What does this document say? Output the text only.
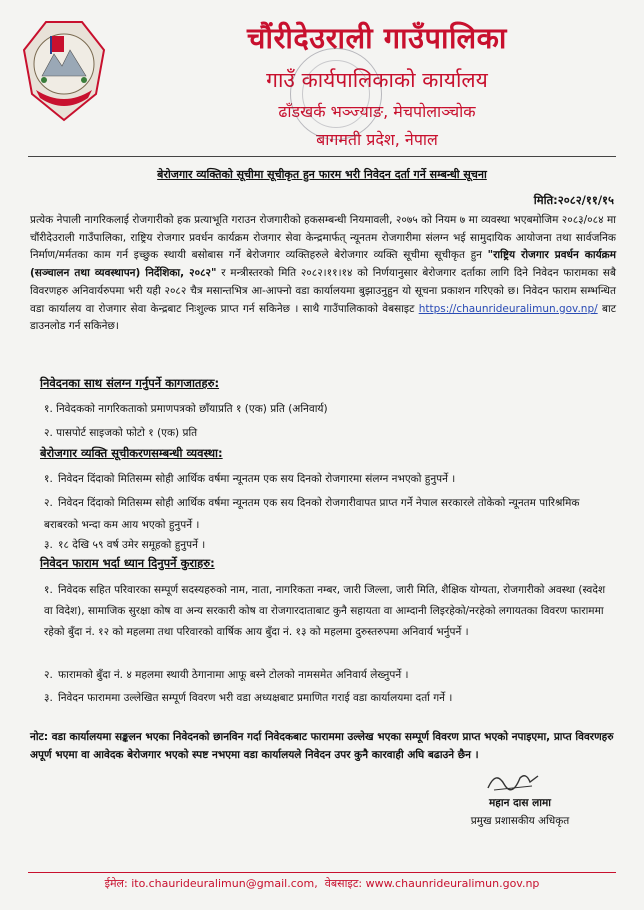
चौंरीदेउराली गाउँपालिका
गाउँ कार्यपालिकाको कार्यालय
ढाँडखर्क भञ्ज्याङ, मेचपोलाञ्चोक
बागमती प्रदेश, नेपाल
बेरोजगार व्यक्तिको सूचीमा सूचीकृत हुन फारम भरी निवेदन दर्ता गर्ने सम्बन्धी सूचना
मिति:२०८२/११/१५
प्रत्येक नेपाली नागरिकलाई रोजगारीको हक प्रत्याभूति गराउन रोजगारीको हकसम्बन्धी नियमावली, २०७५ को नियम ७ मा व्यवस्था भएबमोजिम २०८३/०८४ मा चौंरीदेउराली गाउँपालिका, राष्ट्रिय रोजगार प्रवर्धन कार्यक्रम रोजगार सेवा केन्द्रमार्फत् न्यूनतम रोजगारीमा संलग्न भई सामुदायिक आयोजना तथा सार्वजनिक निर्माण/मर्मतका काम गर्न इच्छुक स्थायी बसोबास गर्ने बेरोजगार व्यक्तिहरुले बेरोजगार व्यक्ति सूचीमा सूचीकृत हुन "राष्ट्रिय रोजगार प्रवर्धन कार्यक्रम (सञ्चालन तथा व्यवस्थापन) निर्देशिका, २०८२" र मन्त्रीस्तरको मिति २०८२।११।१४ को निर्णयानुसार बेरोजगार दर्ताका लागि दिने निवेदन फारामका सबै विवरणहरु अनिवार्यरुपमा भरी यही २०८२ चैत्र मसान्तभित्र आ-आफ्नो वडा कार्यालयमा बुझाउनुहुन यो सूचना प्रकाशन गरिएको छ। निवेदन फाराम सम्भन्धित वडा कार्यालय वा रोजगार सेवा केन्द्रबाट निःशुल्क प्राप्त गर्न सकिनेछ । साथै गाउँपालिकाको वेबसाइट https://chaunrideuralimun.gov.np/ बाट डाउनलोड गर्न सकिनेछ।
निवेदनका साथ संलग्न गर्नुपर्ने कागजातहरु:
१. निवेदकको नागरिकताको प्रमाणपत्रको छाँयाप्रति १ (एक) प्रति (अनिवार्य)
२. पासपोर्ट साइजको फोटो १ (एक) प्रति
बेरोजगार व्यक्ति सूचीकरणसम्बन्धी व्यवस्था:
१. निवेदन दिंदाको मितिसम्म सोही आर्थिक वर्षमा न्यूनतम एक सय दिनको रोजगारमा संलग्न नभएको हुनुपर्ने ।
२. निवेदन दिंदाको मितिसम्म सोही आर्थिक वर्षमा न्यूनतम एक सय दिनको रोजगारीवापत प्राप्त गर्ने नेपाल सरकारले तोकेको न्यूनतम पारिश्रमिक बराबरको भन्दा कम आय भएको हुनुपर्ने ।
३. १८ देखि ५९ वर्ष उमेर समूहको हुनुपर्ने ।
निवेदन फाराम भर्दा ध्यान दिनुपर्ने कुराहरु:
१. निवेदक सहित परिवारका सम्पूर्ण सदस्यहरुको नाम, नाता, नागरिकता नम्बर, जारी जिल्ला, जारी मिति, शैक्षिक योग्यता, रोजगारीको अवस्था (स्वदेश वा विदेश), सामाजिक सुरक्षा कोष वा अन्य सरकारी कोष वा रोजगारदाताबाट कुनै सहायता वा आम्दानी लिइरहेको/नरहेको लगायतका विवरण फाराममा रहेको बुँदा नं. १२ को महलमा तथा परिवारको वार्षिक आय बुँदा नं. १३ को महलमा दुरुस्तरुपमा अनिवार्य भर्नुपर्ने ।
२. फारामको बुँदा नं. ४ महलमा स्थायी ठेगानामा आफू बस्ने टोलको नामसमेत अनिवार्य लेख्नुपर्ने ।
३. निवेदन फाराममा उल्लेखित सम्पूर्ण विवरण भरी वडा अध्यक्षबाट प्रमाणित गराई वडा कार्यालयमा दर्ता गर्ने ।
नोट: वडा कार्यालयमा सङ्कलन भएका निवेदनको छानविन गर्दा निवेदकबाट फाराममा उल्लेख भएका सम्पूर्ण विवरण प्राप्त भएको नपाइएमा, प्राप्त विवरणहरु अपूर्ण भएमा वा आवेदक बेरोजगार भएको स्पष्ट नभएमा वडा कार्यालयले निवेदन उपर कुनै कारवाही अघि बढाउने छैन ।
महान दास लामा
प्रमुख प्रशासकीय अधिकृत
ईमेल: ito.chaurideuralimun@gmail.com,  वेबसाइट: www.chaunrideuralimun.gov.np
